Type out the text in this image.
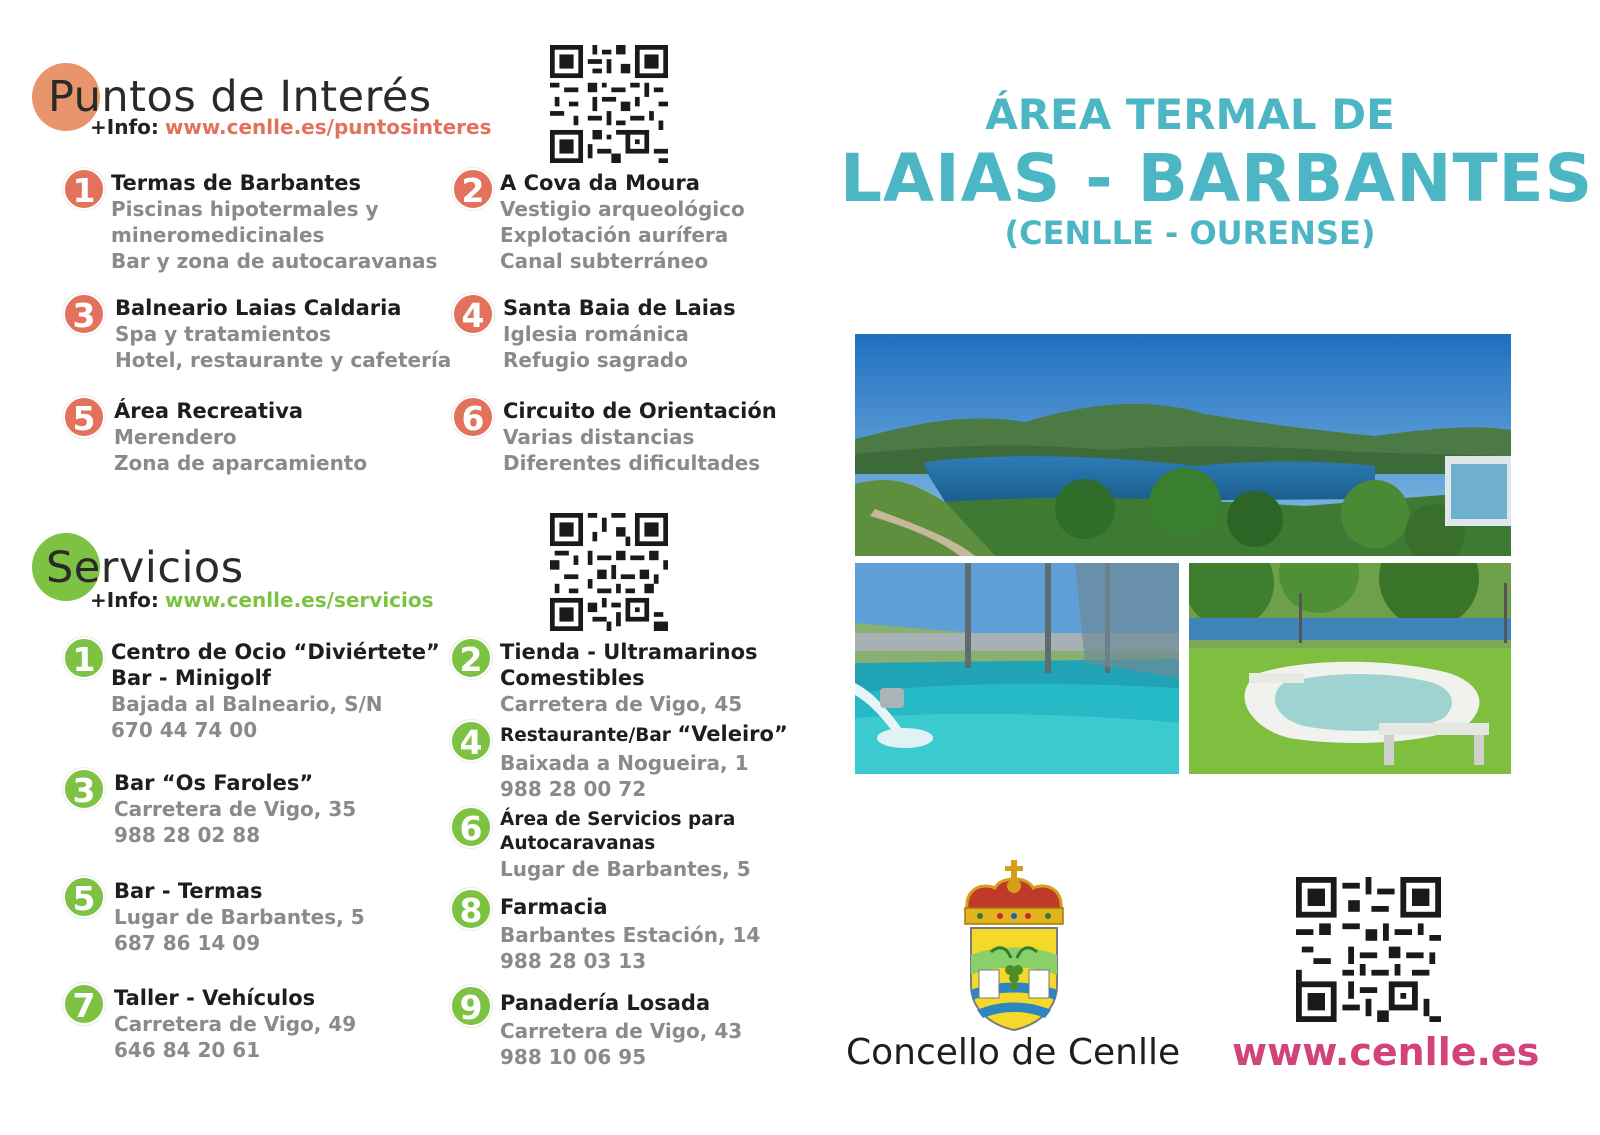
Puntos de Interés
+Info: www.cenlle.es/puntosinteres
1 Termas de Barbantes
Piscinas hipotermales y
mineromedicinales
Bar y zona de autocaravanas
2 A Cova da Moura
Vestigio arqueológico
Explotación aurífera
Canal subterráneo
3 Balneario Laias Caldaria
Spa y tratamientos
Hotel, restaurante y cafetería
4 Santa Baia de Laias
Iglesia románica
Refugio sagrado
5 Área Recreativa
Merendero
Zona de aparcamiento
6 Circuito de Orientación
Varias distancias
Diferentes dificultades
Servicios
+Info: www.cenlle.es/servicios
1 Centro de Ocio “Diviértete”
Bar - Minigolf
Bajada al Balneario, S/N
670 44 74 00
2 Tienda - Ultramarinos
Comestibles
Carretera de Vigo, 45
3 Bar “Os Faroles”
Carretera de Vigo, 35
988 28 02 88
4 Restaurante/Bar “Veleiro”
Baixada a Nogueira, 1
988 28 00 72
5 Bar - Termas
Lugar de Barbantes, 5
687 86 14 09
6 Área de Servicios para
Autocaravanas
Lugar de Barbantes, 5
7 Taller - Vehículos
Carretera de Vigo, 49
646 84 20 61
8 Farmacia
Barbantes Estación, 14
988 28 03 13
9 Panadería Losada
Carretera de Vigo, 43
988 10 06 95
ÁREA TERMAL DE
LAIAS - BARBANTES
(CENLLE - OURENSE)
Concello de Cenlle www.cenlle.es
